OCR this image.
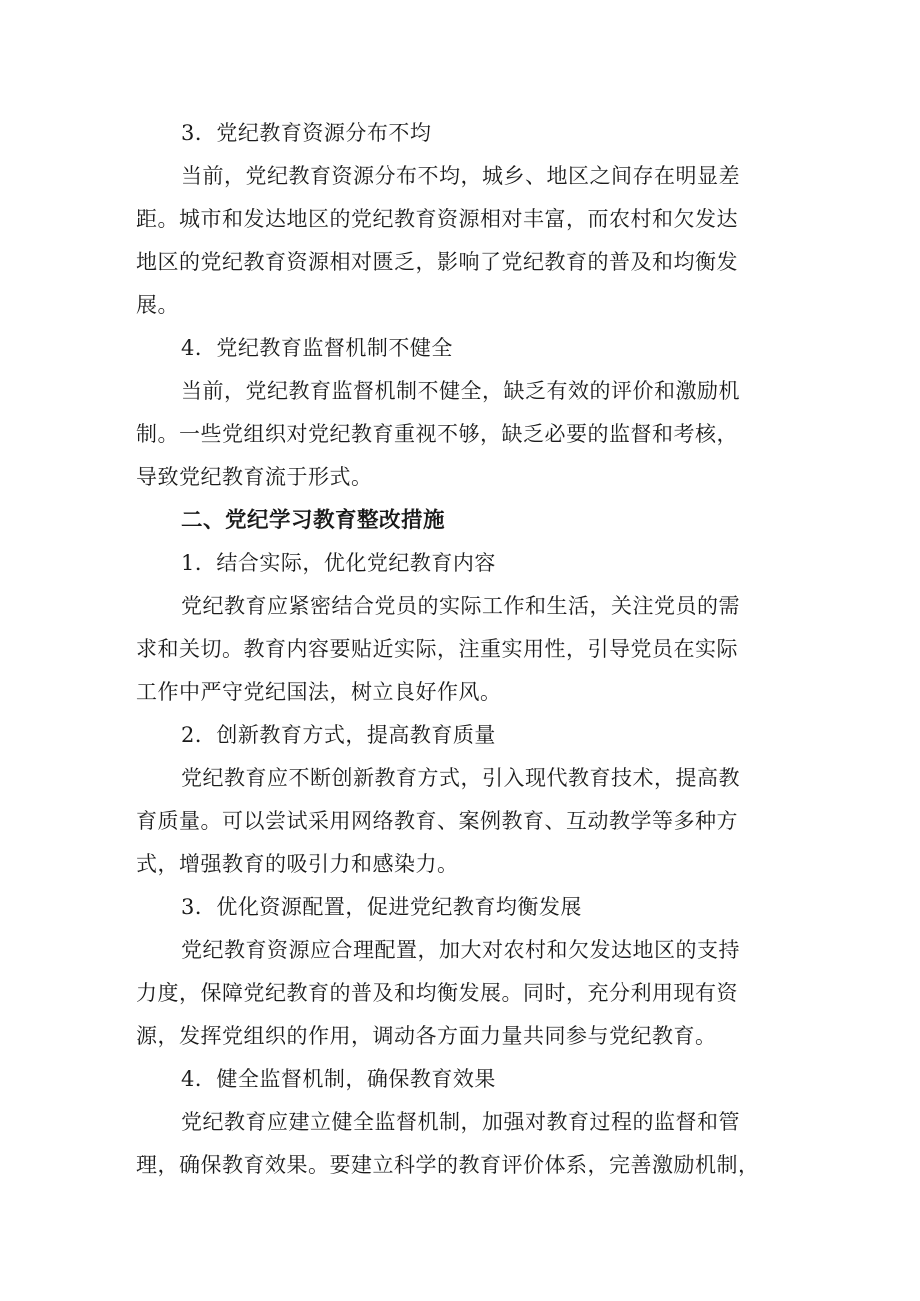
3．党纪教育资源分布不均
当前，党纪教育资源分布不均，城乡、地区之间存在明显差
距。城市和发达地区的党纪教育资源相对丰富，而农村和欠发达
地区的党纪教育资源相对匮乏，影响了党纪教育的普及和均衡发
展。
4．党纪教育监督机制不健全
当前，党纪教育监督机制不健全，缺乏有效的评价和激励机
制。一些党组织对党纪教育重视不够，缺乏必要的监督和考核，
导致党纪教育流于形式。
二、党纪学习教育整改措施
1．结合实际，优化党纪教育内容
党纪教育应紧密结合党员的实际工作和生活，关注党员的需
求和关切。教育内容要贴近实际，注重实用性，引导党员在实际
工作中严守党纪国法，树立良好作风。
2．创新教育方式，提高教育质量
党纪教育应不断创新教育方式，引入现代教育技术，提高教
育质量。可以尝试采用网络教育、案例教育、互动教学等多种方
式，增强教育的吸引力和感染力。
3．优化资源配置，促进党纪教育均衡发展
党纪教育资源应合理配置，加大对农村和欠发达地区的支持
力度，保障党纪教育的普及和均衡发展。同时，充分利用现有资
源，发挥党组织的作用，调动各方面力量共同参与党纪教育。
4．健全监督机制，确保教育效果
党纪教育应建立健全监督机制，加强对教育过程的监督和管
理，确保教育效果。要建立科学的教育评价体系，完善激励机制，
